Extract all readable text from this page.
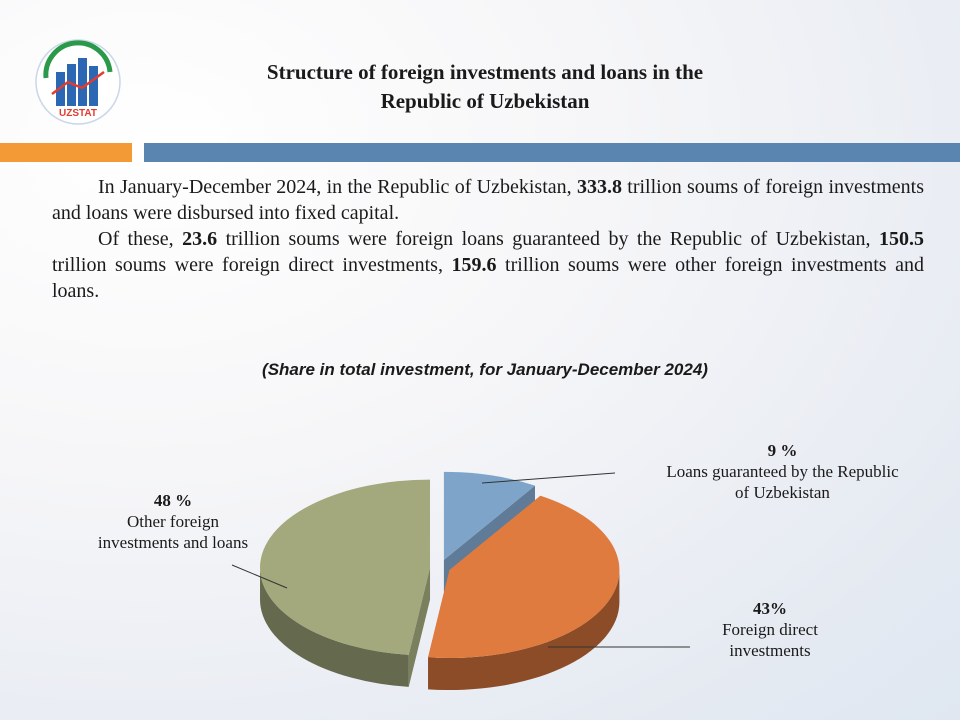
UZSTAT
Structure of foreign investments and loans in the
Republic of Uzbekistan

In January-December 2024, in the Republic of Uzbekistan, 333.8 trillion soums of foreign investments and loans were disbursed into fixed capital.

Of these, 23.6 trillion soums were foreign loans guaranteed by the Republic of Uzbekistan, 150.5 trillion soums were foreign direct investments, 159.6 trillion soums were other foreign investments and loans.

(Share in total investment, for January-December 2024)
9 %
Loans guaranteed by the Republic
of Uzbekistan
43%
Foreign direct
investments
48 %
Other foreign
investments and loans
